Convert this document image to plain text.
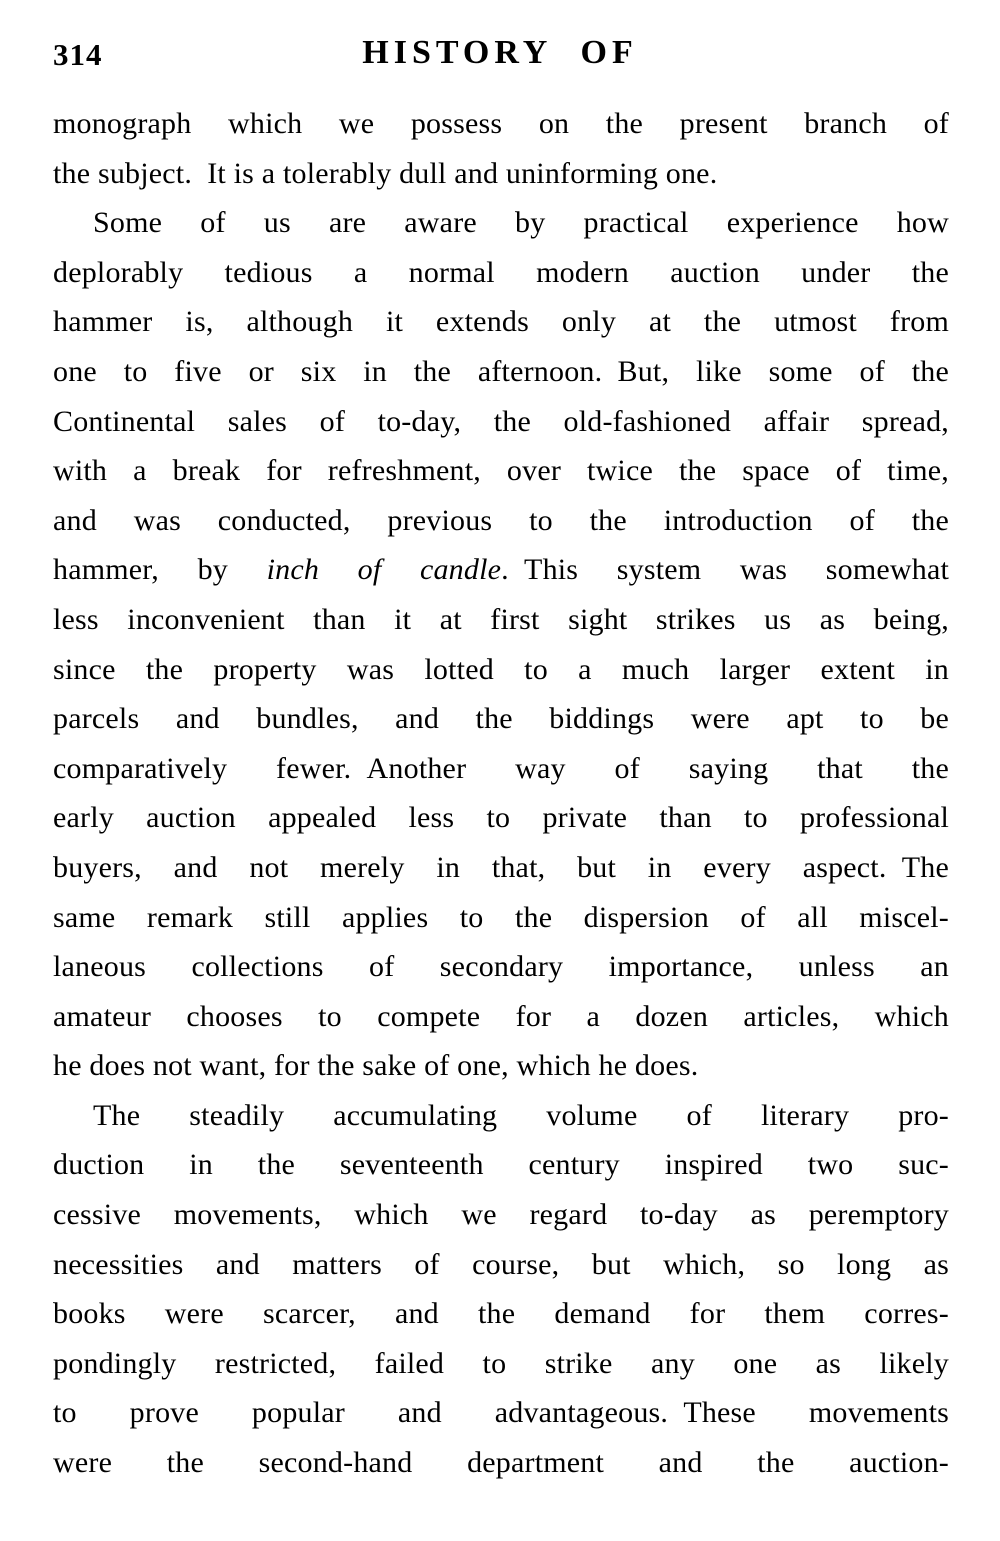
314	HISTORY OF
monograph which we possess on the present branch of
the subject. It is a tolerably dull and uninforming one.
Some of us are aware by practical experience how
deplorably tedious a normal modern auction under the
hammer is, although it extends only at the utmost from
one to five or six in the afternoon. But, like some of the
Continental sales of to-day, the old-fashioned affair spread,
with a break for refreshment, over twice the space of time,
and was conducted, previous to the introduction of the
hammer, by inch of candle. This system was somewhat
less inconvenient than it at first sight strikes us as being,
since the property was lotted to a much larger extent in
parcels and bundles, and the biddings were apt to be
comparatively fewer. Another way of saying that the
early auction appealed less to private than to professional
buyers, and not merely in that, but in every aspect. The
same remark still applies to the dispersion of all miscel-
laneous collections of secondary importance, unless an
amateur chooses to compete for a dozen articles, which
he does not want, for the sake of one, which he does.
The steadily accumulating volume of literary pro-
duction in the seventeenth century inspired two suc-
cessive movements, which we regard to-day as peremptory
necessities and matters of course, but which, so long as
books were scarcer, and the demand for them corres-
pondingly restricted, failed to strike any one as likely
to prove popular and advantageous. These movements
were the second-hand department and the auction-
